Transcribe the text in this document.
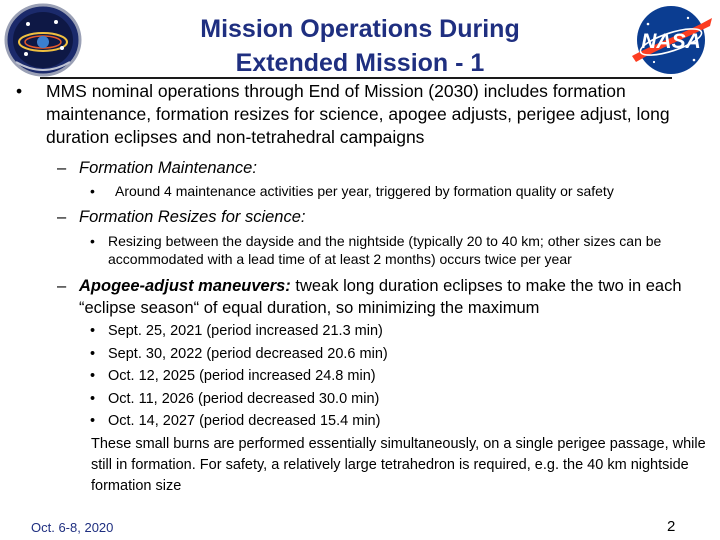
Mission Operations During
Extended Mission - 1
NASA
• MMS nominal operations through End of Mission (2030) includes formation maintenance, formation resizes for science, apogee adjusts, perigee adjust, long duration eclipses and non-tetrahedral campaigns
– Formation Maintenance:
• Around 4 maintenance activities per year, triggered by formation quality or safety
– Formation Resizes for science:
• Resizing between the dayside and the nightside (typically 20 to 40 km; other sizes can be accommodated with a lead time of at least 2 months) occurs twice per year
– Apogee-adjust maneuvers: tweak long duration eclipses to make the two in each “eclipse season“ of equal duration, so minimizing the maximum
• Sept. 25, 2021 (period increased 21.3 min)
• Sept. 30, 2022 (period decreased 20.6 min)
• Oct. 12, 2025 (period increased 24.8 min)
• Oct. 11, 2026 (period decreased 30.0 min)
• Oct. 14, 2027 (period decreased 15.4 min)
These small burns are performed essentially simultaneously, on a single perigee passage, while still in formation. For safety, a relatively large tetrahedron is required, e.g. the 40 km nightside formation size
Oct. 6-8, 2020	2
